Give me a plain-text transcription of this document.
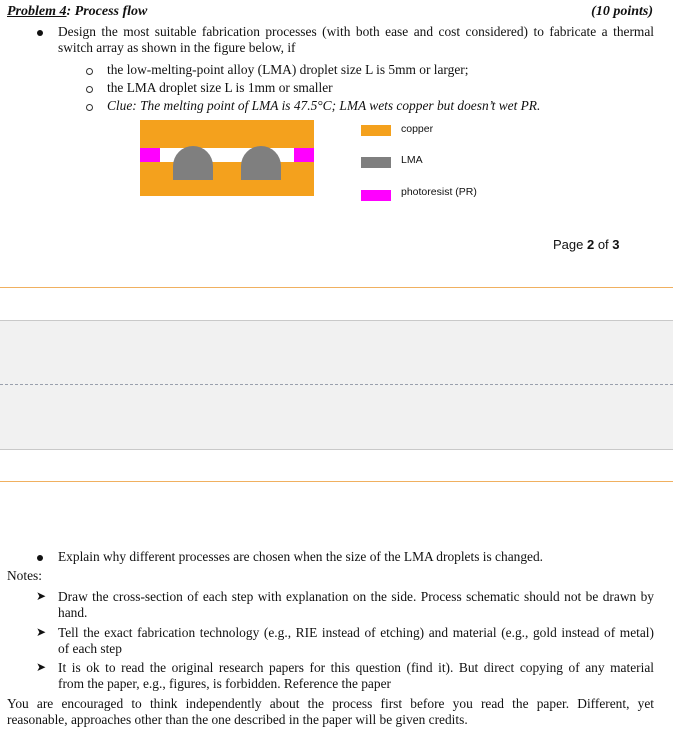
Problem 4: Process flow	(10 points)
Design the most suitable fabrication processes (with both ease and cost considered) to fabricate a thermal
switch array as shown in the figure below, if
the low-melting-point alloy (LMA) droplet size L is 5mm or larger;
the LMA droplet size L is 1mm or smaller
Clue: The melting point of LMA is 47.5°C; LMA wets copper but doesn’t wet PR.
copper
LMA
photoresist (PR)
Page 2 of 3
Explain why different processes are chosen when the size of the LMA droplets is changed.
Notes:
➤ Draw the cross-section of each step with explanation on the side. Process schematic should not be drawn by
hand.
➤ Tell the exact fabrication technology (e.g., RIE instead of etching) and material (e.g., gold instead of metal)
of each step
➤ It is ok to read the original research papers for this question (find it). But direct copying of any material
from the paper, e.g., figures, is forbidden. Reference the paper
You are encouraged to think independently about the process first before you read the paper. Different, yet
reasonable, approaches other than the one described in the paper will be given credits.
